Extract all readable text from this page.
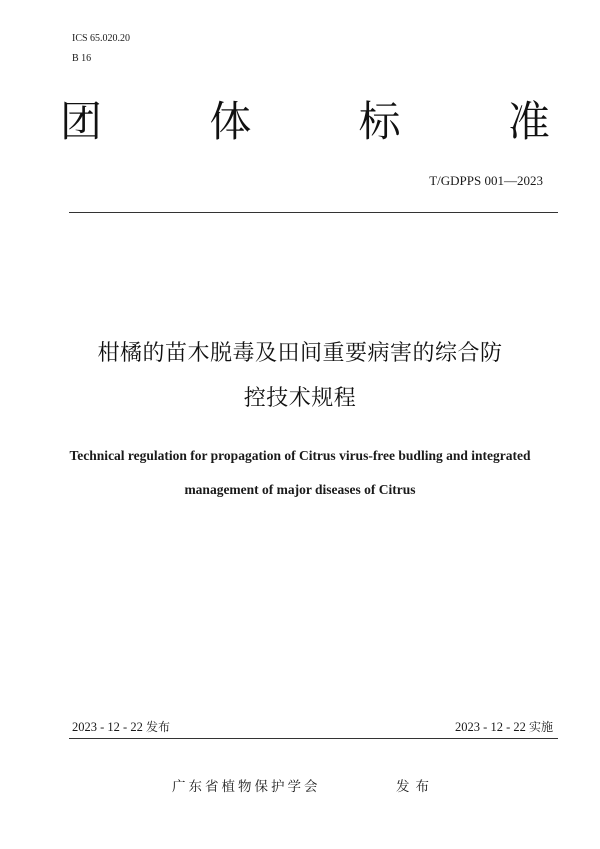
ICS 65.020.20
B 16
团	体	标	准
T/GDPPS 001—2023
柑橘的苗木脱毒及田间重要病害的综合防
控技术规程
Technical regulation for propagation of Citrus virus-free budling and integrated
management of major diseases of Citrus
2023 - 12 - 22 发布	2023 - 12 - 22 实施
广东省植物保护学会	发布
